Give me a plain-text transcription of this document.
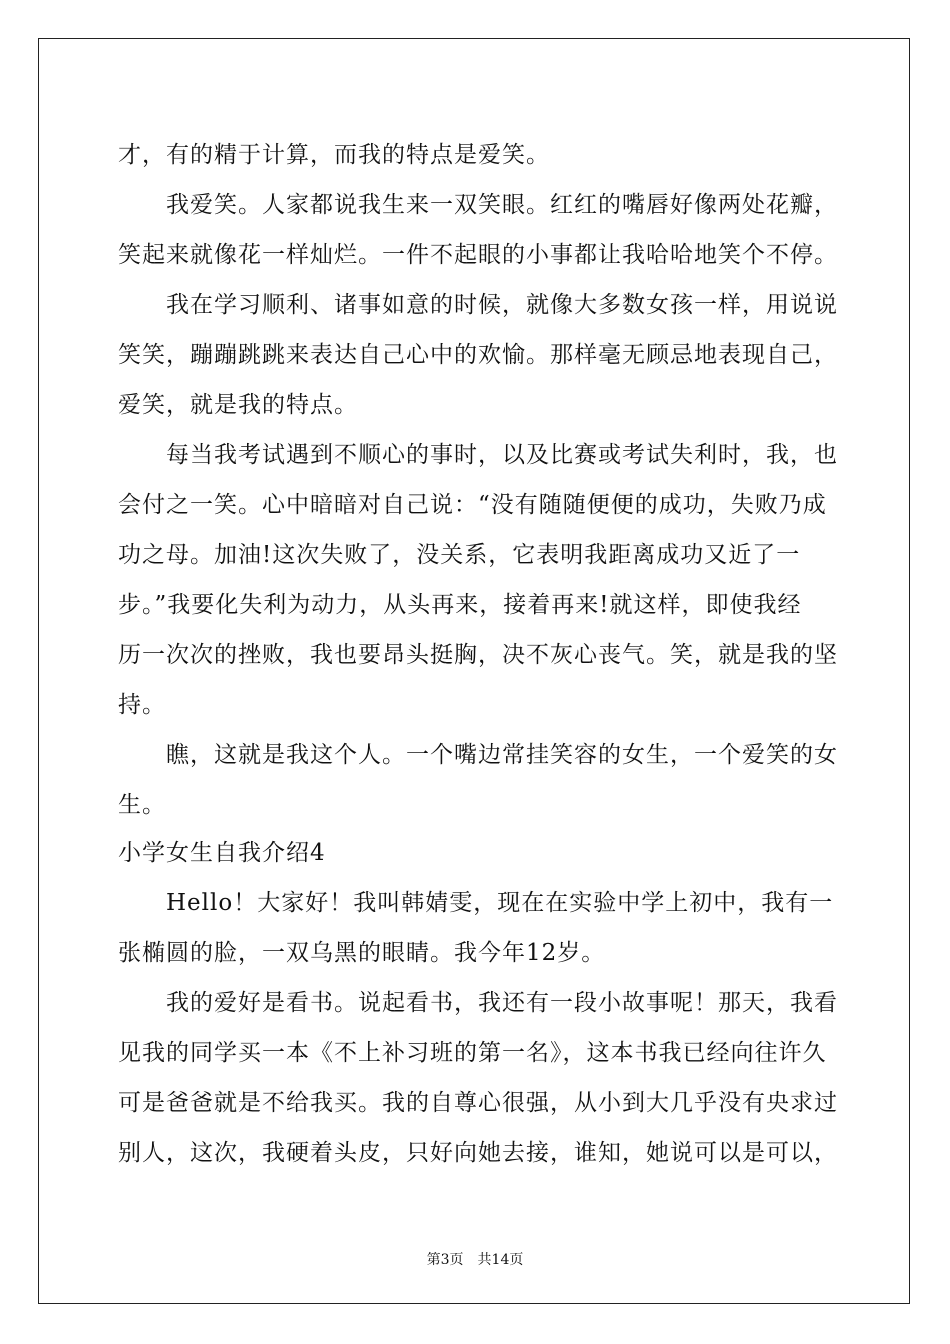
才，有的精于计算，而我的特点是爱笑。
　　我爱笑。人家都说我生来一双笑眼。红红的嘴唇好像两处花瓣，
笑起来就像花一样灿烂。一件不起眼的小事都让我哈哈地笑个不停。
　　我在学习顺利、诸事如意的时候，就像大多数女孩一样，用说说
笑笑，蹦蹦跳跳来表达自己心中的欢愉。那样毫无顾忌地表现自己，
爱笑，就是我的特点。
　　每当我考试遇到不顺心的事时，以及比赛或考试失利时，我，也
会付之一笑。心中暗暗对自己说：“没有随随便便的成功，失败乃成
功之母。加油!这次失败了，没关系，它表明我距离成功又近了一
步。”我要化失利为动力，从头再来，接着再来!就这样，即使我经
历一次次的挫败，我也要昂头挺胸，决不灰心丧气。笑，就是我的坚
持。
　　瞧，这就是我这个人。一个嘴边常挂笑容的女生，一个爱笑的女
生。
小学女生自我介绍4
　　Hello！大家好！我叫韩婧雯，现在在实验中学上初中，我有一
张椭圆的脸，一双乌黑的眼睛。我今年12岁。
　　我的爱好是看书。说起看书，我还有一段小故事呢！那天，我看
见我的同学买一本《不上补习班的第一名》，这本书我已经向往许久
可是爸爸就是不给我买。我的自尊心很强，从小到大几乎没有央求过
别人，这次，我硬着头皮，只好向她去接，谁知，她说可以是可以，
第3页　共14页
